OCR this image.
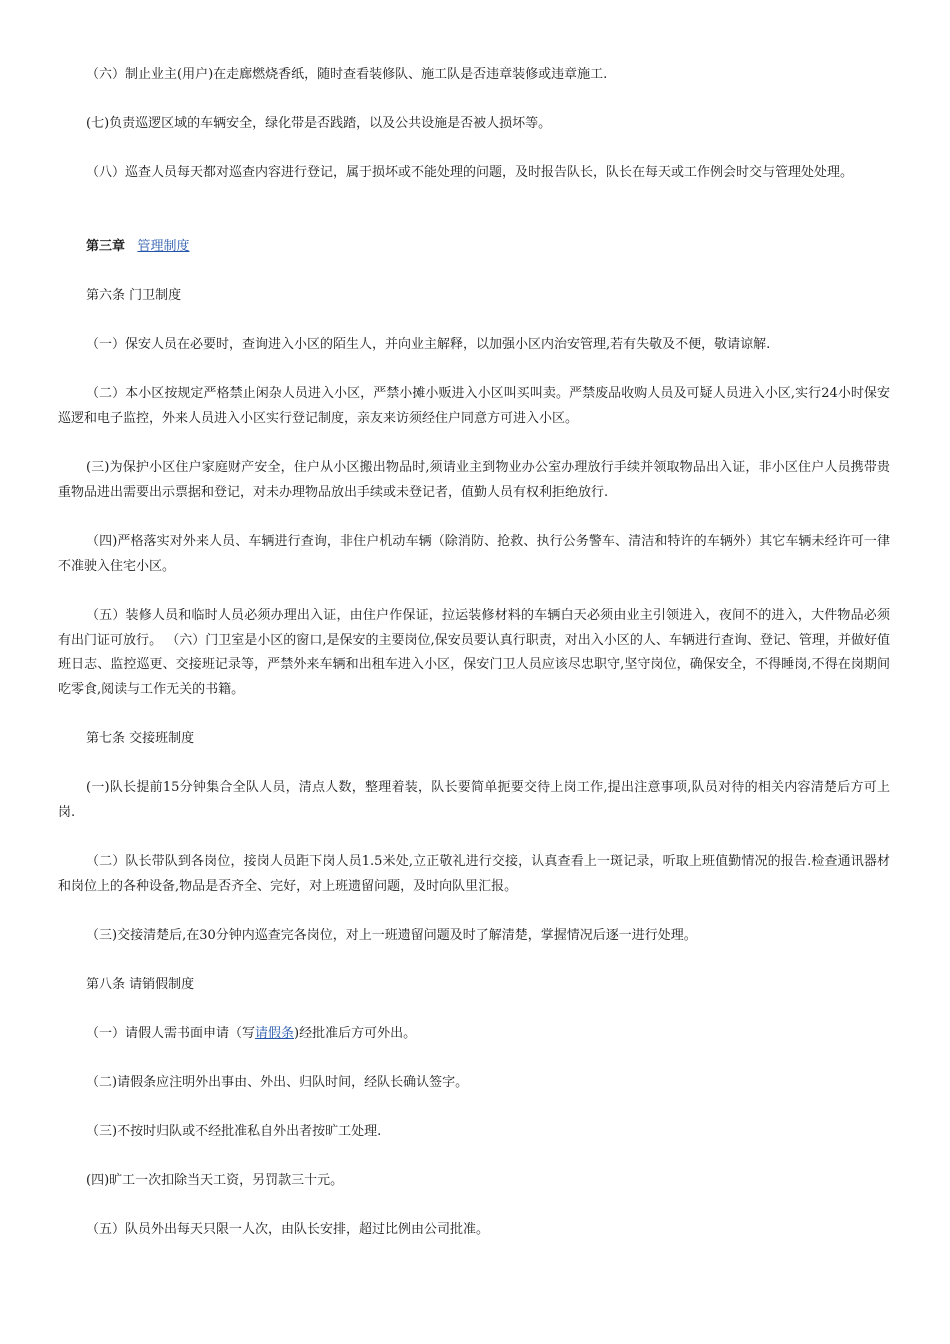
（六）制止业主(用户)在走廊燃烧香纸，随时查看装修队、施工队是否违章装修或违章施工.
(七)负责巡逻区域的车辆安全，绿化带是否践踏，以及公共设施是否被人损坏等。
（八）巡查人员每天都对巡查内容进行登记，属于损坏或不能处理的问题，及时报告队长，队长在每天或工作例会时交与管理处处理。
第三章 管理制度
第六条 门卫制度
（一）保安人员在必要时，查询进入小区的陌生人，并向业主解释，以加强小区内治安管理,若有失敬及不便，敬请谅解.
（二）本小区按规定严格禁止闲杂人员进入小区，严禁小摊小贩进入小区叫买叫卖。严禁废品收购人员及可疑人员进入小区,实行24小时保安巡逻和电子监控，外来人员进入小区实行登记制度，亲友来访须经住户同意方可进入小区。
(三)为保护小区住户家庭财产安全，住户从小区搬出物品时,须请业主到物业办公室办理放行手续并领取物品出入证，非小区住户人员携带贵重物品进出需要出示票据和登记，对未办理物品放出手续或未登记者，值勤人员有权利拒绝放行.
（四)严格落实对外来人员、车辆进行查询，非住户机动车辆（除消防、抢救、执行公务警车、清洁和特许的车辆外）其它车辆未经许可一律不准驶入住宅小区。
（五）装修人员和临时人员必须办理出入证，由住户作保证，拉运装修材料的车辆白天必须由业主引领进入，夜间不的进入，大件物品必须有出门证可放行。 （六）门卫室是小区的窗口,是保安的主要岗位,保安员要认真行职责，对出入小区的人、车辆进行查询、登记、管理，并做好值班日志、监控巡更、交接班记录等，严禁外来车辆和出租车进入小区，保安门卫人员应该尽忠职守,坚守岗位，确保安全，不得睡岗,不得在岗期间吃零食,阅读与工作无关的书籍。
第七条 交接班制度
(一)队长提前15分钟集合全队人员，清点人数，整理着装，队长要简单扼要交待上岗工作,提出注意事项,队员对待的相关内容清楚后方可上岗.
（二）队长带队到各岗位，接岗人员距下岗人员1.5米处,立正敬礼进行交接，认真查看上一斑记录，听取上班值勤情况的报告.检查通讯器材和岗位上的各种设备,物品是否齐全、完好，对上班遗留问题，及时向队里汇报。
（三)交接清楚后,在30分钟内巡查完各岗位，对上一班遗留问题及时了解清楚，掌握情况后逐一进行处理。
第八条 请销假制度
（一）请假人需书面申请（写请假条)经批准后方可外出。
（二)请假条应注明外出事由、外出、归队时间，经队长确认签字。
（三)不按时归队或不经批准私自外出者按旷工处理.
(四)旷工一次扣除当天工资，另罚款三十元。
（五）队员外出每天只限一人次，由队长安排，超过比例由公司批准。
